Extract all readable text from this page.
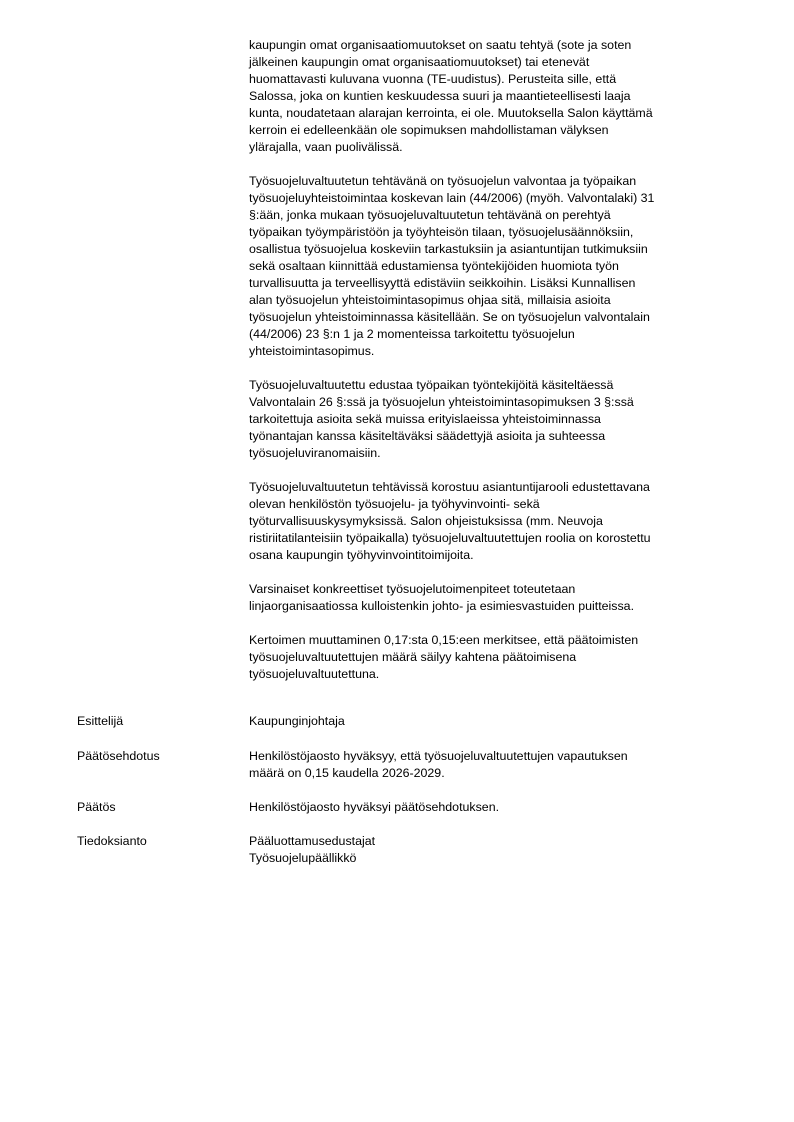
kaupungin omat organisaatiomuutokset on saatu tehtyä (sote ja soten
jälkeinen kaupungin omat organisaatiomuutokset) tai etenevät
huomattavasti kuluvana vuonna (TE-uudistus). Perusteita sille, että
Salossa, joka on kuntien keskuudessa suuri ja maantieteellisesti laaja
kunta, noudatetaan alarajan kerrointa, ei ole. Muutoksella Salon käyttämä
kerroin ei edelleenkään ole sopimuksen mahdollistaman välyksen
ylärajalla, vaan puolivälissä.
Työsuojeluvaltuutetun tehtävänä on työsuojelun valvontaa ja työpaikan
työsuojeluyhteistoimintaa koskevan lain (44/2006) (myöh. Valvontalaki) 31
§:ään, jonka mukaan työsuojeluvaltuutetun tehtävänä on perehtyä
työpaikan työympäristöön ja työyhteisön tilaan, työsuojelusäännöksiin,
osallistua työsuojelua koskeviin tarkastuksiin ja asiantuntijan tutkimuksiin
sekä osaltaan kiinnittää edustamiensa työntekijöiden huomiota työn
turvallisuutta ja terveellisyyttä edistäviin seikkoihin. Lisäksi Kunnallisen
alan työsuojelun yhteistoimintasopimus ohjaa sitä, millaisia asioita
työsuojelun yhteistoiminnassa käsitellään. Se on työsuojelun valvontalain
(44/2006) 23 §:n 1 ja 2 momenteissa tarkoitettu työsuojelun
yhteistoimintasopimus.
Työsuojeluvaltuutettu edustaa työpaikan työntekijöitä käsiteltäessä
Valvontalain 26 §:ssä ja työsuojelun yhteistoimintasopimuksen 3 §:ssä
tarkoitettuja asioita sekä muissa erityislaeissa yhteistoiminnassa
työnantajan kanssa käsiteltäväksi säädettyjä asioita ja suhteessa
työsuojeluviranomaisiin.
Työsuojeluvaltuutetun tehtävissä korostuu asiantuntijarooli edustettavana
olevan henkilöstön työsuojelu- ja työhyvinvointi- sekä
työturvallisuuskysymyksissä. Salon ohjeistuksissa (mm. Neuvoja
ristiriitatilanteisiin työpaikalla) työsuojeluvaltuutettujen roolia on korostettu
osana kaupungin työhyvinvointitoimijoita.
Varsinaiset konkreettiset työsuojelutoimenpiteet toteutetaan
linjaorganisaatiossa kulloistenkin johto- ja esimiesvastuiden puitteissa.
Kertoimen muuttaminen 0,17:sta 0,15:een merkitsee, että päätoimisten
työsuojeluvaltuutettujen määrä säilyy kahtena päätoimisena
työsuojeluvaltuutettuna.
Esittelijä	Kaupunginjohtaja
Päätösehdotus	Henkilöstöjaosto hyväksyy, että työsuojeluvaltuutettujen vapautuksen
määrä on 0,15 kaudella 2026-2029.
Päätös	Henkilöstöjaosto hyväksyi päätösehdotuksen.
Tiedoksianto	Pääluottamusedustajat
Työsuojelupäällikkö
